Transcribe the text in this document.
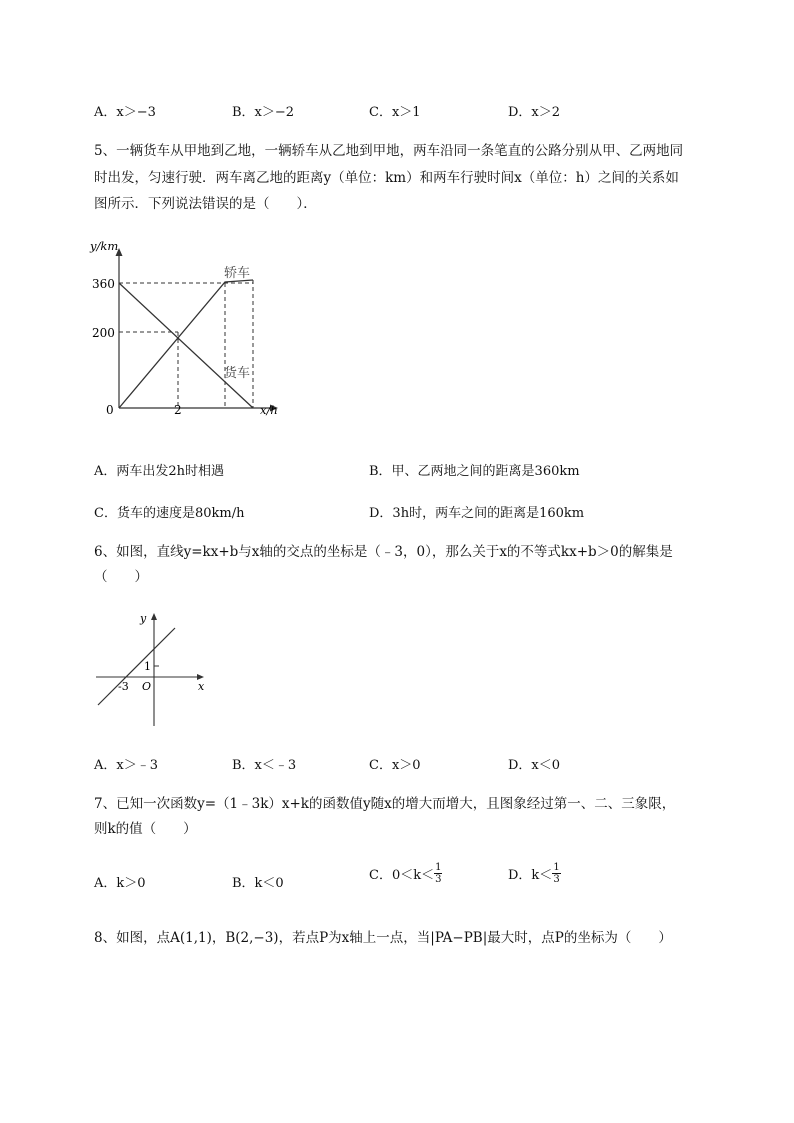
A．x＞−3	B．x＞−2	C．x＞1	D．x＞2
5、一辆货车从甲地到乙地，一辆轿车从乙地到甲地，两车沿同一条笔直的公路分别从甲、乙两地同
时出发，匀速行驶．两车离乙地的距离y（单位：km）和两车行驶时间x（单位：h）之间的关系如
图所示．下列说法错误的是（　　）．
y/km
x/h
360
200
2
0
轿车
货车
A．两车出发2h时相遇	B．甲、乙两地之间的距离是360km
C．货车的速度是80km/h	D．3h时，两车之间的距离是160km
6、如图，直线y=kx+b与x轴的交点的坐标是（﹣3，0），那么关于x的不等式kx+b＞0的解集是
（　　）
y
x
O
1
-3
A．x＞﹣3	B．x＜﹣3	C．x＞0	D．x＜0
7、已知一次函数y=（1﹣3k）x+k的函数值y随x的增大而增大，且图象经过第一、二、三象限，
则k的值（　　）
A．k＞0	B．k＜0
C．$0<k< \frac{1}{3}$	D．$k< \frac{1}{3}$
8、如图，点A(1,1)，B(2,−3)，若点P为x轴上一点，当|PA−PB|最大时，点P的坐标为（　　）
